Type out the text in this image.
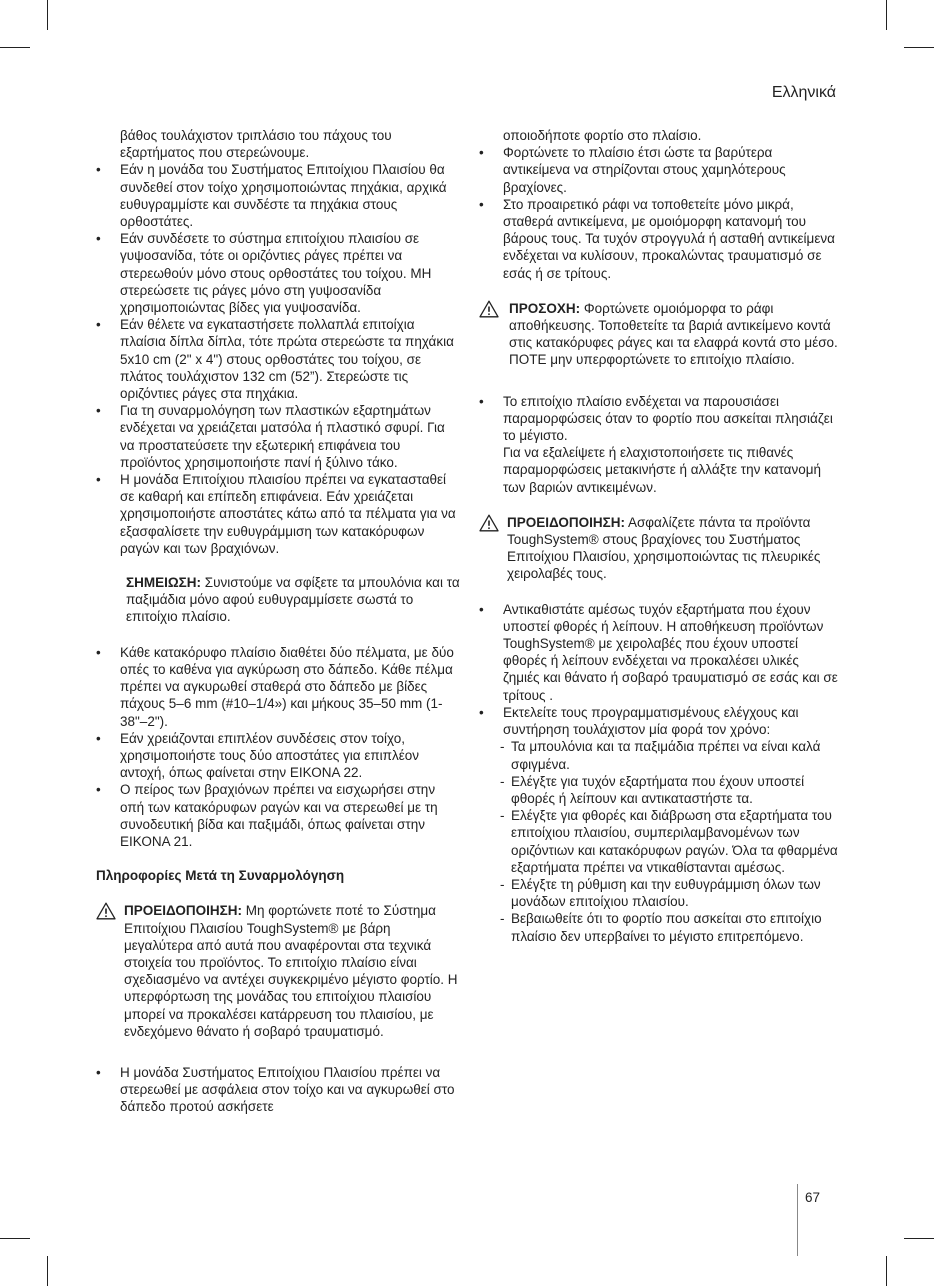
Ελληνικά

βάθος τουλάχιστον τριπλάσιο του πάχους του εξαρτήματος που στερεώνουμε.

• Εάν η μονάδα του Συστήματος Επιτοίχιου Πλαισίου θα συνδεθεί στον τοίχο χρησιμοποιώντας πηχάκια, αρχικά ευθυγραμμίστε και συνδέστε τα πηχάκια στους ορθοστάτες.
• Εάν συνδέσετε το σύστημα επιτοίχιου πλαισίου σε γυψοσανίδα, τότε οι οριζόντιες ράγες πρέπει να στερεωθούν μόνο στους ορθοστάτες του τοίχου. ΜΗ στερεώσετε τις ράγες μόνο στη γυψοσανίδα χρησιμοποιώντας βίδες για γυψοσανίδα.
• Εάν θέλετε να εγκαταστήσετε πολλαπλά επιτοίχια πλαίσια δίπλα δίπλα, τότε πρώτα στερεώστε τα πηχάκια 5x10 cm (2" x 4") στους ορθοστάτες του τοίχου, σε πλάτος τουλάχιστον 132 cm (52”). Στερεώστε τις οριζόντιες ράγες στα πηχάκια.
• Για τη συναρμολόγηση των πλαστικών εξαρτημάτων ενδέχεται να χρειάζεται ματσόλα ή πλαστικό σφυρί. Για να προστατεύσετε την εξωτερική επιφάνεια του προϊόντος χρησιμοποιήστε πανί ή ξύλινο τάκο.
• Η μονάδα Επιτοίχιου πλαισίου πρέπει να εγκατασταθεί σε καθαρή και επίπεδη επιφάνεια. Εάν χρειάζεται χρησιμοποιήστε αποστάτες κάτω από τα πέλματα για να εξασφαλίσετε την ευθυγράμμιση των κατακόρυφων ραγών και των βραχιόνων.

ΣΗΜΕΙΩΣΗ: Συνιστούμε να σφίξετε τα μπουλόνια και τα παξιμάδια μόνο αφού ευθυγραμμίσετε σωστά το επιτοίχιο πλαίσιο.

• Κάθε κατακόρυφο πλαίσιο διαθέτει δύο πέλματα, με δύο οπές το καθένα για αγκύρωση στο δάπεδο. Κάθε πέλμα πρέπει να αγκυρωθεί σταθερά στο δάπεδο με βίδες πάχους 5–6 mm (#10–1/4») και μήκους 35–50 mm (1-38"–2").
• Εάν χρειάζονται επιπλέον συνδέσεις στον τοίχο, χρησιμοποιήστε τους δύο αποστάτες για επιπλέον αντοχή, όπως φαίνεται στην ΕΙΚΟΝΑ 22.
• Ο πείρος των βραχιόνων πρέπει να εισχωρήσει στην οπή των κατακόρυφων ραγών και να στερεωθεί με τη συνοδευτική βίδα και παξιμάδι, όπως φαίνεται στην ΕΙΚΟΝΑ 21.

Πληροφορίες Μετά τη Συναρμολόγηση

ΠΡΟΕΙΔΟΠΟΙΗΣΗ: Μη φορτώνετε ποτέ το Σύστημα Επιτοίχιου Πλαισίου ToughSystem® με βάρη μεγαλύτερα από αυτά που αναφέρονται στα τεχνικά στοιχεία του προϊόντος. Το επιτοίχιο πλαίσιο είναι σχεδιασμένο να αντέχει συγκεκριμένο μέγιστο φορτίο. Η υπερφόρτωση της μονάδας του επιτοίχιου πλαισίου μπορεί να προκαλέσει κατάρρευση του πλαισίου, με ενδεχόμενο θάνατο ή σοβαρό τραυματισμό.
• Η μονάδα Συστήματος Επιτοίχιου Πλαισίου πρέπει να στερεωθεί με ασφάλεια στον τοίχο και να αγκυρωθεί στο δάπεδο προτού ασκήσετε

οποιοδήποτε φορτίο στο πλαίσιο.

• Φορτώνετε το πλαίσιο έτσι ώστε τα βαρύτερα αντικείμενα να στηρίζονται στους χαμηλότερους βραχίονες.
• Στο προαιρετικό ράφι να τοποθετείτε μόνο μικρά, σταθερά αντικείμενα, με ομοιόμορφη κατανομή του βάρους τους. Τα τυχόν στρογγυλά ή ασταθή αντικείμενα ενδέχεται να κυλίσουν, προκαλώντας τραυματισμό σε εσάς ή σε τρίτους.
ΠΡΟΣΟΧΗ: Φορτώνετε ομοιόμορφα το ράφι αποθήκευσης. Τοποθετείτε τα βαριά αντικείμενο κοντά στις κατακόρυφες ράγες και τα ελαφρά κοντά στο μέσο. ΠΟΤΕ μην υπερφορτώνετε το επιτοίχιο πλαίσιο.
• Το επιτοίχιο πλαίσιο ενδέχεται να παρουσιάσει παραμορφώσεις όταν το φορτίο που ασκείται πλησιάζει το μέγιστο.

Για να εξαλείψετε ή ελαχιστοποιήσετε τις πιθανές παραμορφώσεις μετακινήστε ή αλλάξτε την κατανομή των βαριών αντικειμένων.

ΠΡΟΕΙΔΟΠΟΙΗΣΗ: Ασφαλίζετε πάντα τα προϊόντα ToughSystem® στους βραχίονες του Συστήματος Επιτοίχιου Πλαισίου, χρησιμοποιώντας τις πλευρικές χειρολαβές τους.
• Αντικαθιστάτε αμέσως τυχόν εξαρτήματα που έχουν υποστεί φθορές ή λείπουν. Η αποθήκευση προϊόντων ToughSystem® με χειρολαβές που έχουν υποστεί φθορές ή λείπουν ενδέχεται να προκαλέσει υλικές ζημιές και θάνατο ή σοβαρό τραυματισμό σε εσάς και σε τρίτους .
• Εκτελείτε τους προγραμματισμένους ελέγχους και συντήρηση τουλάχιστον μία φορά τον χρόνο:
- Τα μπουλόνια και τα παξιμάδια πρέπει να είναι καλά σφιγμένα.
- Ελέγξτε για τυχόν εξαρτήματα που έχουν υποστεί φθορές ή λείπουν και αντικαταστήστε τα.
- Ελέγξτε για φθορές και διάβρωση στα εξαρτήματα του επιτοίχιου πλαισίου, συμπεριλαμβανομένων των οριζόντιων και κατακόρυφων ραγών. Όλα τα φθαρμένα εξαρτήματα πρέπει να ντικαθίστανται αμέσως.
- Ελέγξτε τη ρύθμιση και την ευθυγράμμιση όλων των μονάδων επιτοίχιου πλαισίου.
- Βεβαιωθείτε ότι το φορτίο που ασκείται στο επιτοίχιο πλαίσιο δεν υπερβαίνει το μέγιστο επιτρεπόμενο.
67
